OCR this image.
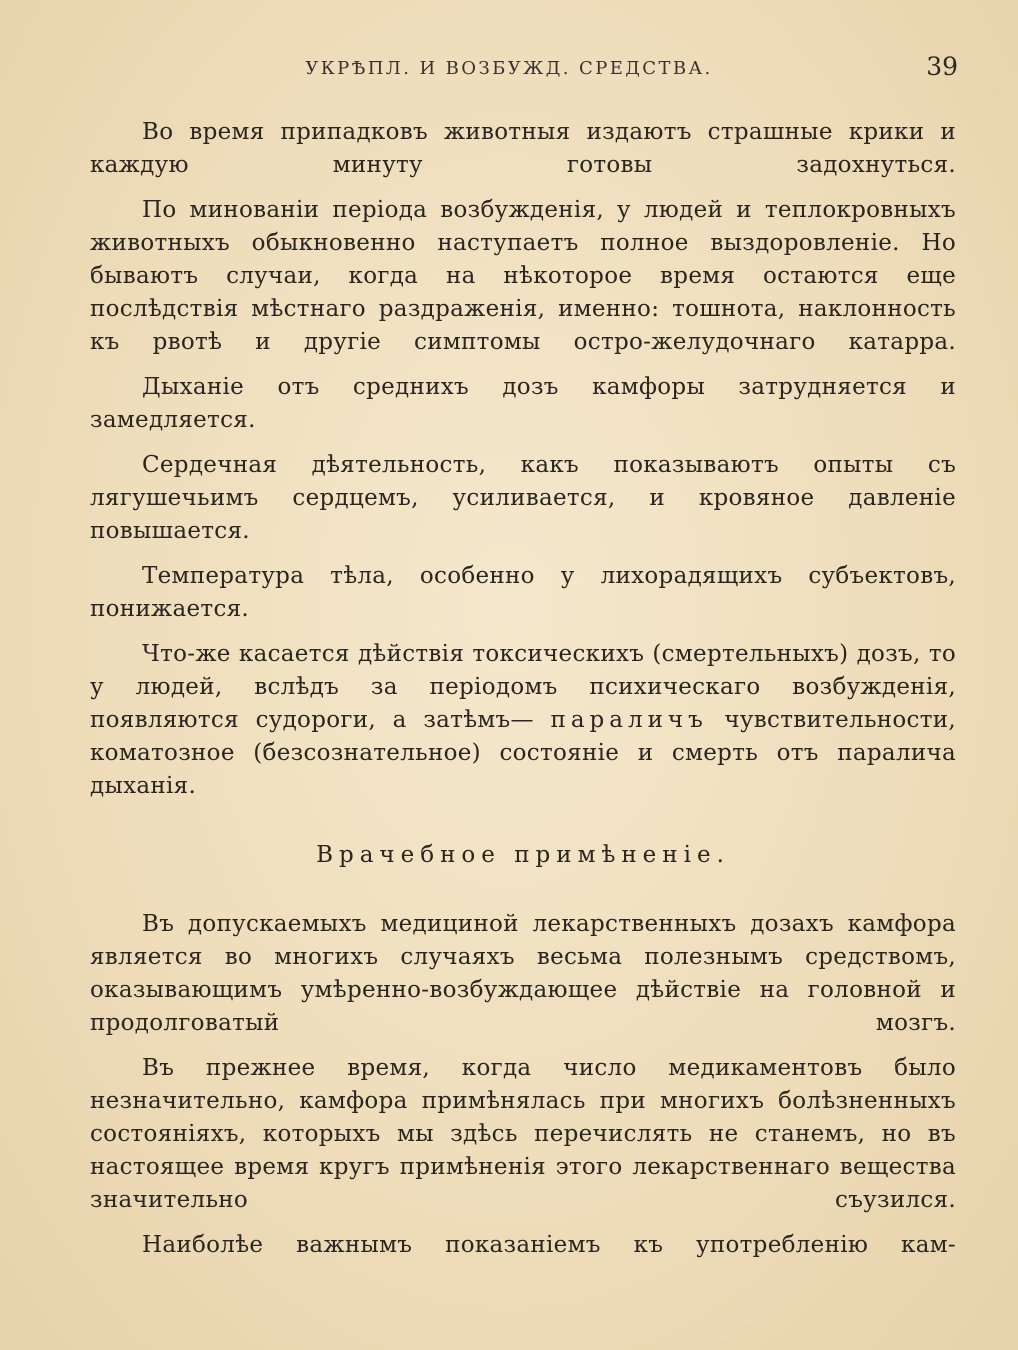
УКРѢПЛ. И ВОЗБУЖД. СРЕДСТВА.	39

Во время припадковъ животныя издаютъ страшные крики и каждую минуту готовы задохнуться.

По минованіи періода возбужденія, у людей и теплокровныхъ животныхъ обыкновенно наступаетъ полное выздоровленіе. Но бываютъ случаи, когда на нѣкоторое время остаются еще послѣдствія мѣстнаго раздраженія, именно: тошнота, наклонность къ рвотѣ и другіе симптомы остро-желудочнаго катарра.

Дыханіе отъ среднихъ дозъ камфоры затрудняется и замедляется.

Сердечная дѣятельность, какъ показываютъ опыты съ лягушечьимъ сердцемъ, усиливается, и кровяное давленіе повышается.

Температура тѣла, особенно у лихорадящихъ субъектовъ, понижается.

Что-же касается дѣйствія токсическихъ (смертельныхъ) дозъ, то у людей, вслѣдъ за періодомъ психическаго возбужденія, появляются судороги, а затѣмъ— параличъ чувствительности, коматозное (безсознательное) состояніе и смерть отъ паралича дыханія.

Врачебное примѣненіе.

Въ допускаемыхъ медициной лекарственныхъ дозахъ камфора является во многихъ случаяхъ весьма полезнымъ средствомъ, оказывающимъ умѣренно-возбуждающее дѣйствіе на головной и продолговатый мозгъ.

Въ прежнее время, когда число медикаментовъ было незначительно, камфора примѣнялась при многихъ болѣзненныхъ состояніяхъ, которыхъ мы здѣсь перечислять не станемъ, но въ настоящее время кругъ примѣненія этого лекарственнаго вещества значительно съузился.

Наиболѣе важнымъ показаніемъ къ употребленію кам-
